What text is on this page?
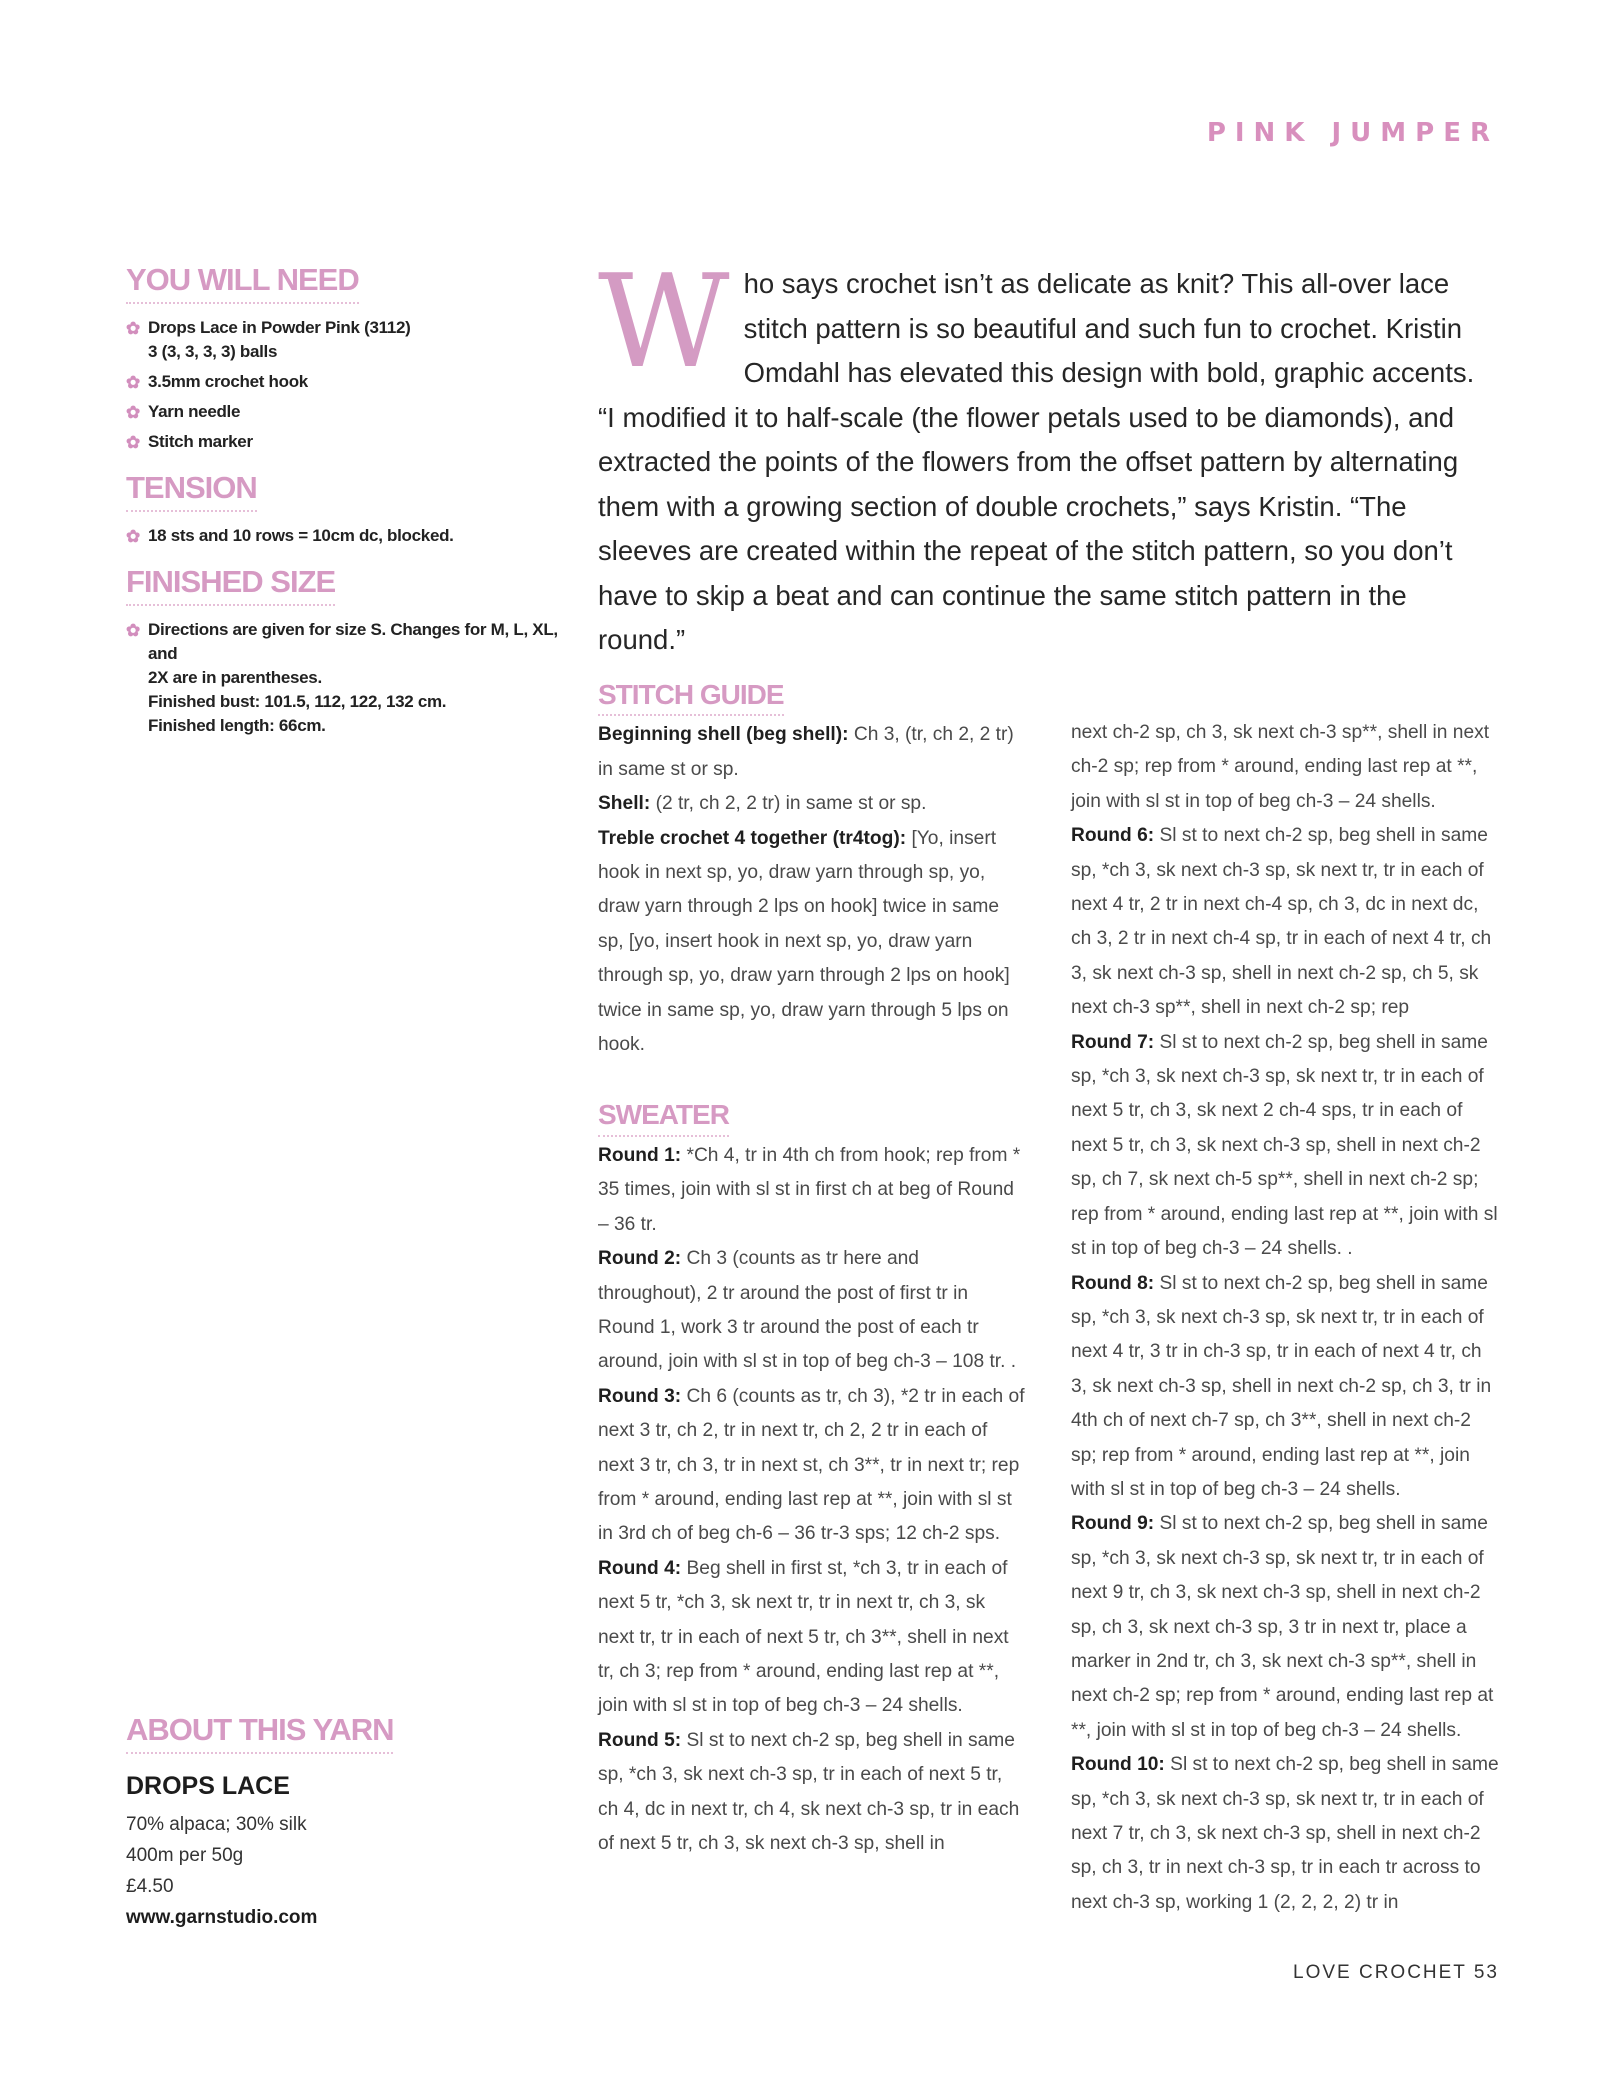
PINK JUMPER
YOU WILL NEED
✿ Drops Lace in Powder Pink (3112)
3 (3, 3, 3, 3) balls
✿ 3.5mm crochet hook
✿ Yarn needle
✿ Stitch marker
TENSION
✿ 18 sts and 10 rows = 10cm dc, blocked.
FINISHED SIZE
✿ Directions are given for size S. Changes for M, L, XL, and
2X are in parentheses.
Finished bust: 101.5, 112, 122, 132 cm.
Finished length: 66cm.
ABOUT THIS YARN
DROPS LACE
70% alpaca; 30% silk
400m per 50g
£4.50
www.garnstudio.com
W ho says crochet isn’t as delicate as knit? This all-over lace stitch pattern is so beautiful and such fun to crochet. Kristin Omdahl has elevated this design with bold, graphic accents. “I modified it to half-scale (the flower petals used to be diamonds), and extracted the points of the flowers from the offset pattern by alternating them with a growing section of double crochets,” says Kristin. “The sleeves are created within the repeat of the stitch pattern, so you don’t have to skip a beat and can continue the same stitch pattern in the round.”
STITCH GUIDE

Beginning shell (beg shell): Ch 3, (tr, ch 2, 2 tr) in same st or sp.

Shell: (2 tr, ch 2, 2 tr) in same st or sp.

Treble crochet 4 together (tr4tog): [Yo, insert hook in next sp, yo, draw yarn through sp, yo, draw yarn through 2 lps on hook] twice in same sp, [yo, insert hook in next sp, yo, draw yarn through sp, yo, draw yarn through 2 lps on hook] twice in same sp, yo, draw yarn through 5 lps on hook.

SWEATER

Round 1: *Ch 4, tr in 4th ch from hook; rep from * 35 times, join with sl st in first ch at beg of Round – 36 tr.

Round 2: Ch 3 (counts as tr here and throughout), 2 tr around the post of first tr in Round 1, work 3 tr around the post of each tr around, join with sl st in top of beg ch-3 – 108 tr. .

Round 3: Ch 6 (counts as tr, ch 3), *2 tr in each of next 3 tr, ch 2, tr in next tr, ch 2, 2 tr in each of next 3 tr, ch 3, tr in next st, ch 3**, tr in next tr; rep from * around, ending last rep at **, join with sl st in 3rd ch of beg ch-6 – 36 tr-3 sps; 12 ch-2 sps.

Round 4: Beg shell in first st, *ch 3, tr in each of next 5 tr, *ch 3, sk next tr, tr in next tr, ch 3, sk next tr, tr in each of next 5 tr, ch 3**, shell in next tr, ch 3; rep from * around, ending last rep at **, join with sl st in top of beg ch-3 – 24 shells.

Round 5: Sl st to next ch-2 sp, beg shell in same sp, *ch 3, sk next ch-3 sp, tr in each of next 5 tr, ch 4, dc in next tr, ch 4, sk next ch-3 sp, tr in each of next 5 tr, ch 3, sk next ch-3 sp, shell in

next ch-2 sp, ch 3, sk next ch-3 sp**, shell in next ch-2 sp; rep from * around, ending last rep at **, join with sl st in top of beg ch-3 – 24 shells.

Round 6: Sl st to next ch-2 sp, beg shell in same sp, *ch 3, sk next ch-3 sp, sk next tr, tr in each of next 4 tr, 2 tr in next ch-4 sp, ch 3, dc in next dc, ch 3, 2 tr in next ch-4 sp, tr in each of next 4 tr, ch 3, sk next ch-3 sp, shell in next ch-2 sp, ch 5, sk next ch-3 sp**, shell in next ch-2 sp; rep

Round 7: Sl st to next ch-2 sp, beg shell in same sp, *ch 3, sk next ch-3 sp, sk next tr, tr in each of next 5 tr, ch 3, sk next 2 ch-4 sps, tr in each of next 5 tr, ch 3, sk next ch-3 sp, shell in next ch-2 sp, ch 7, sk next ch-5 sp**, shell in next ch-2 sp; rep from * around, ending last rep at **, join with sl st in top of beg ch-3 – 24 shells. .

Round 8: Sl st to next ch-2 sp, beg shell in same sp, *ch 3, sk next ch-3 sp, sk next tr, tr in each of next 4 tr, 3 tr in ch-3 sp, tr in each of next 4 tr, ch 3, sk next ch-3 sp, shell in next ch-2 sp, ch 3, tr in 4th ch of next ch-7 sp, ch 3**, shell in next ch-2 sp; rep from * around, ending last rep at **, join with sl st in top of beg ch-3 – 24 shells.

Round 9: Sl st to next ch-2 sp, beg shell in same sp, *ch 3, sk next ch-3 sp, sk next tr, tr in each of next 9 tr, ch 3, sk next ch-3 sp, shell in next ch-2 sp, ch 3, sk next ch-3 sp, 3 tr in next tr, place a marker in 2nd tr, ch 3, sk next ch-3 sp**, shell in next ch-2 sp; rep from * around, ending last rep at **, join with sl st in top of beg ch-3 – 24 shells.

Round 10: Sl st to next ch-2 sp, beg shell in same sp, *ch 3, sk next ch-3 sp, sk next tr, tr in each of next 7 tr, ch 3, sk next ch-3 sp, shell in next ch-2 sp, ch 3, tr in next ch-3 sp, tr in each tr across to next ch-3 sp, working 1 (2, 2, 2, 2) tr in

LOVE CROCHET 53
